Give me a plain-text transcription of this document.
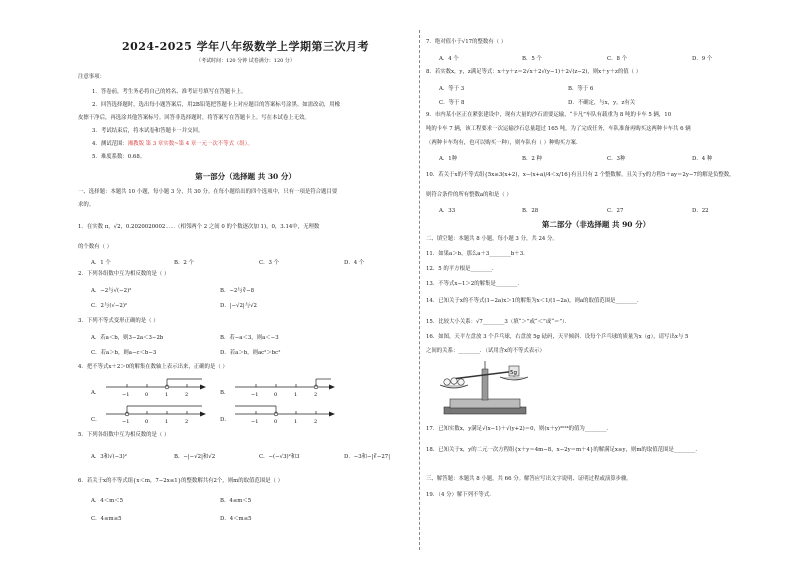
2024-2025 学年八年级数学上学期第三次月考
（考试时间：120 分钟 试卷满分：120 分）
注意事项：
1．答卷前，考生务必将自己的姓名、准考证号填写在答题卡上。
2．回答选择题时，选出每小题答案后，用2B铅笔把答题卡上对应题目的答案标号涂黑。如需改动，用橡
皮擦干净后，再选涂其他答案标号。回答非选择题时，将答案写在答题卡上。写在本试卷上无效。
3．考试结束后，将本试卷和答题卡一并交回。
4．测试范围：湘教版 第 3 章实数~第 4 章一元一次不等式（组）。
5．难度系数：0.68。
第一部分（选择题 共 30 分）
一、选择题：本题共 10 小题，每小题 3 分，共 30 分。在每小题给出的四个选项中，只有一项是符合题目要
求的。
1．在实数 π，√2，0.2020020002⋯⋯（相邻两个 2 之间 0 的个数逐次加 1)，0，3.14中，无理数
的个数有（ ）
A．1 个	B．2 个	C．3 个	D．4 个
2．下列各组数中互为相反数的是（ ）
A．−2与√(−2)²	B．−2与∛−8
C．2与(√−2)²	D．|−√2|与√2
3．下列不等式变形正确的是（ ）
A．若a＜b，则3−2a＜3−2b	B．若−a＜3，则a＜−3
C．若a＞b，则a−c＜b−3	D．若a＞b，则ac²＞bc²
4．把不等式x＋2＞0的解集在数轴上表示出来，正确的是（ ）
A．	−1	0	1	2	B．	−1	0	1	2
C．	−1	0	1	2	D．	−1	0	1	2
5．下列各组数中互为相反数的是（ ）
A．3和√(−3)²	B．−|−√2|和√2	C．−(−√3)²和3	D．−3和−|∛−27|
6．若关于x的不等式组{x＜m，7−2x≤1}的整数解共有2个，则m的取值范围是（ ）
A．4＜m＜5	B．4≤m＜5
C．4≤m≤5	D．4＜m≤5
7．绝对值小于√17的整数有（ ）
A．4 个	B．5 个	C．8 个	D．9 个
8．若实数x，y，z满足等式：x＋y＋z＝2√x＋2√(y−1)＋2√(z−2)，则x＋y＋z的值（ ）
A．等于 3	B．等于 6
C．等于 8	D．不确定，与x，y，z有关
9．市内某小区正在紧张建设中，现有大量的沙石需要运输，“卡凡”车队有载重为 8 吨的卡车 5 辆，10
吨的卡车 7 辆，该工程要求一次运输沙石总量超过 165 吨，为了完成任务，车队准备再购买这两种卡车共 6 辆
（两种卡车均有，也可以购买一种），则车队有（ ）种购买方案．
A．1种	B．2 种	C．3种	D．4 种
10．若关于x的不等式组{5x≥3(x+2)，x−(x+a)/4＜x/16}有且只有 2 个整数解，且关于y的方程5＋ay＝2y−7的解是负整数，
则符合条件的所有整数a的和是（ ）
A．33	B．28	C．27	D．22
第二部分（非选择题 共 90 分）
二、填空题：本题共 8 小题，每小题 3 分，共 24 分。
11．如果a＞b，那么a＋3________b＋3．
12．5 的平方根是________．
13．不等式x−1＞2的解集是________．
14．已知关于x的不等式(1−2a)x＞1的解集为x＜1/(1−2a)，则a的取值范围是________．
15．比较大小关系：√7________3（填“＞”或“＜”或“＝”）．
16．如图，天平左盘放 3 个乒乓球，右盘放 5g 砝码，天平倾斜．设每个乒乓球的质量为x（g），请写出x与 5
之间的关系：________．（试用含x的不等式表示）
5g
17．已知实数x，y满足√(x−1)＋√(y+2)＝0，则(x＋y)²⁰²⁴的值为________．
18．已知关于x，y的二元一次方程组{x＋y＝4m−8，x−2y＝m＋4}的解满足x≥y，则m的取值范围是________．
三、解答题：本题共 8 小题，共 66 分。解答应写出文字说明、证明过程或演算步骤。
19．（4 分）解下列不等式．
